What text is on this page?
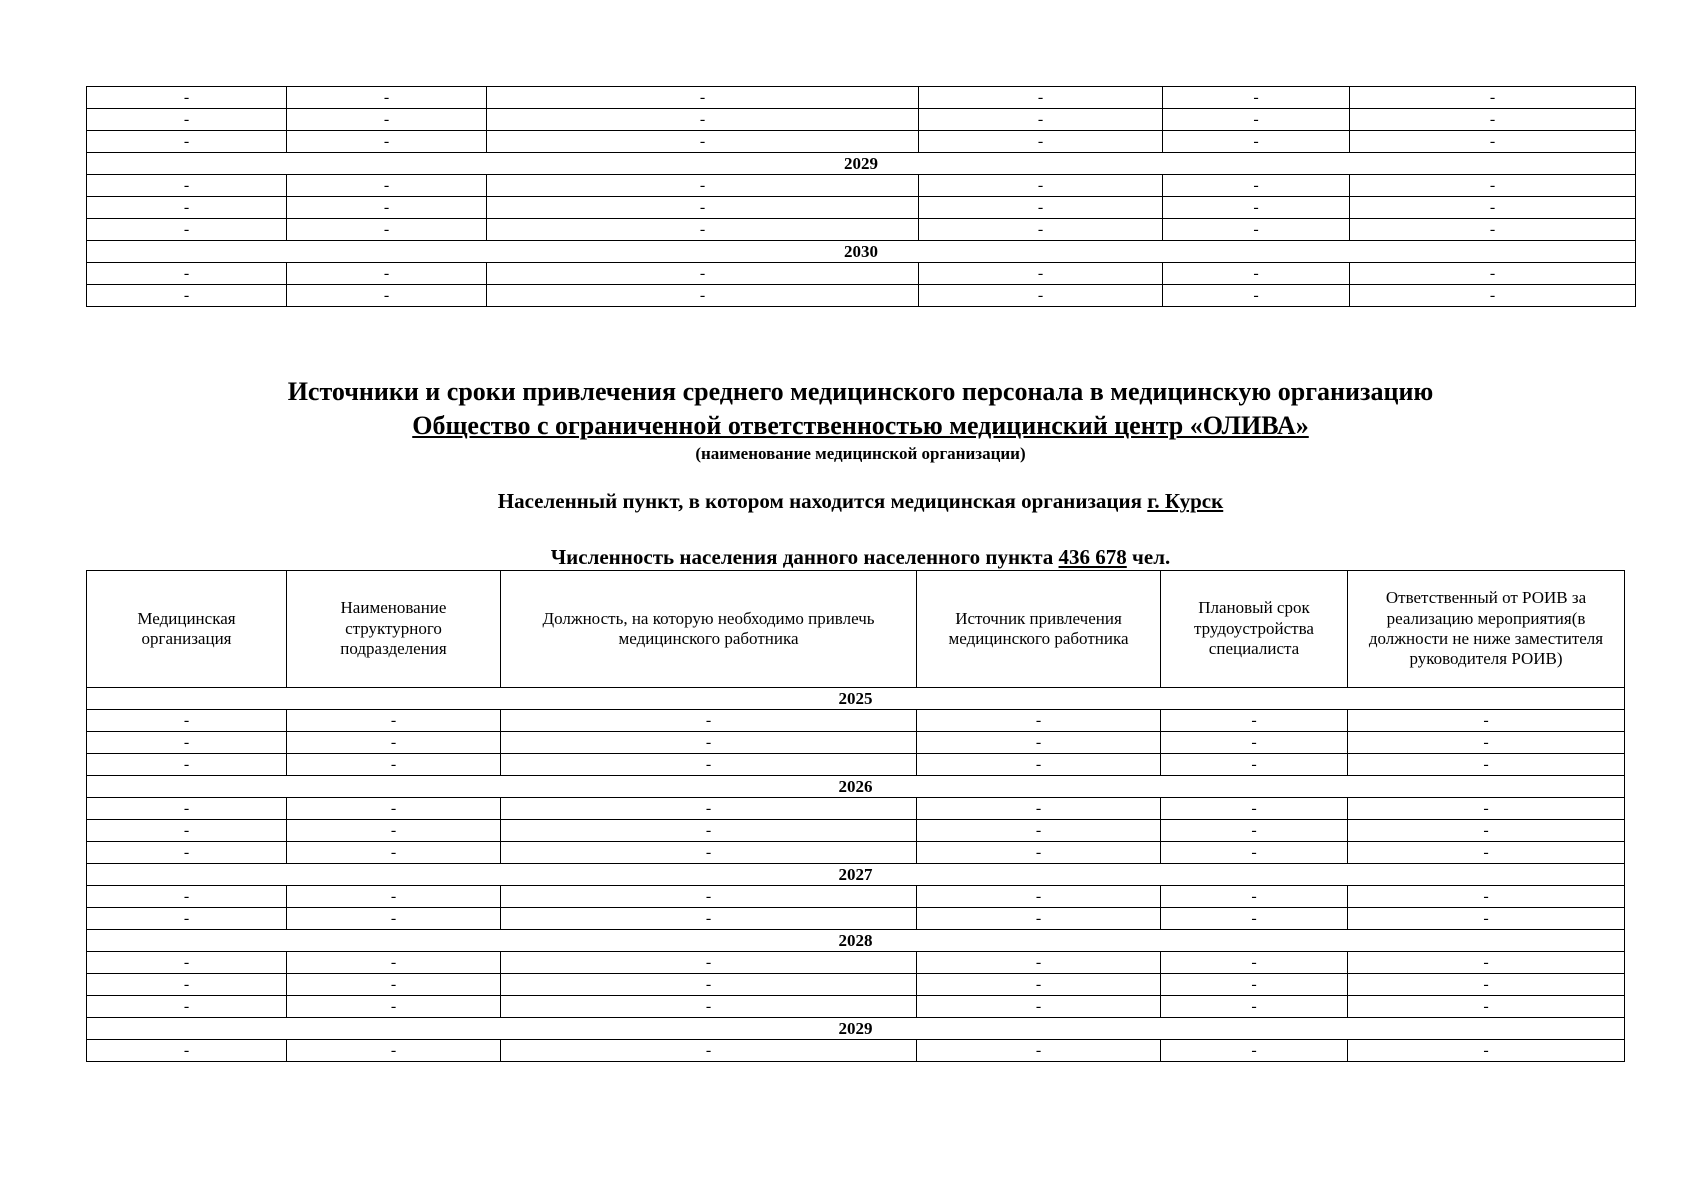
-	-	-	-	-	-
-	-	-	-	-	-
-	-	-	-	-	-
2029					
-	-	-	-	-	-
-	-	-	-	-	-
-	-	-	-	-	-
2030					
-	-	-	-	-	-
-	-	-	-	-	-
Источники и сроки привлечения среднего медицинского персонала в медицинскую организацию
Общество с ограниченной ответственностью медицинский центр «ОЛИВА»
(наименование медицинской организации)
Населенный пункт, в котором находится медицинская организация г. Курск
Численность населения данного населенного пункта 436 678 чел.
Медицинская организация	Наименование структурного подразделения	Должность, на которую необходимо привлечь медицинского работника	Источник привлечения медицинского работника	Плановый срок трудоустройства специалиста	Ответственный от РОИВ за реализацию мероприятия(в должности не ниже заместителя руководителя РОИВ)
2025					
-	-	-	-	-	-
-	-	-	-	-	-
-	-	-	-	-	-
2026					
-	-	-	-	-	-
-	-	-	-	-	-
-	-	-	-	-	-
2027					
-	-	-	-	-	-
-	-	-	-	-	-
2028					
-	-	-	-	-	-
-	-	-	-	-	-
-	-	-	-	-	-
2029					
-	-	-	-	-	-
